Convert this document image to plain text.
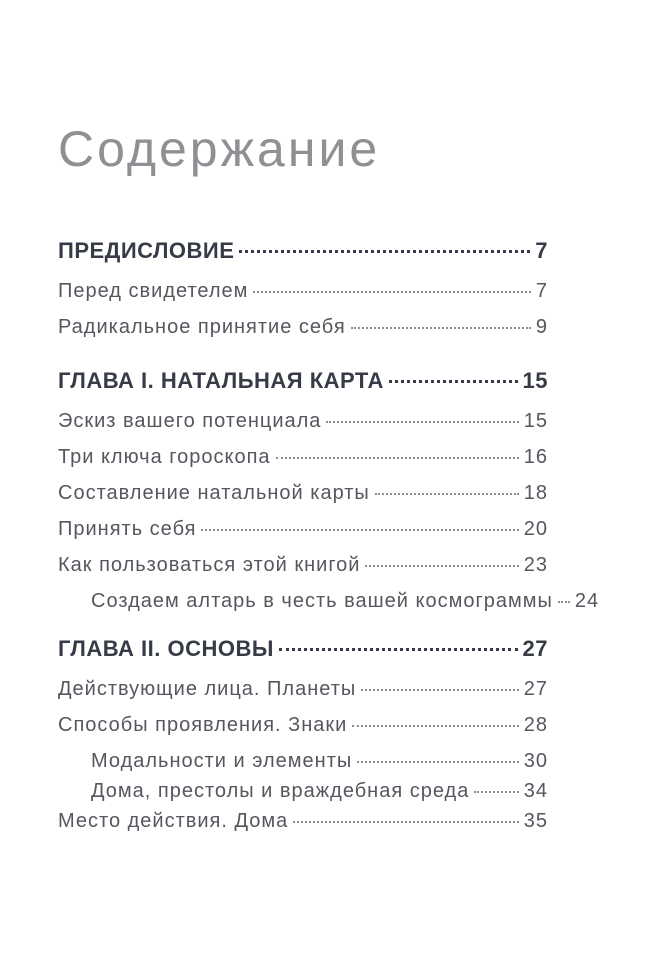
Содержание
ПРЕДИСЛОВИЕ	7
Перед свидетелем	7
Радикальное принятие себя	9
ГЛАВА I. НАТАЛЬНАЯ КАРТА	15
Эскиз вашего потенциала	15
Три ключа гороскопа	16
Составление натальной карты	18
Принять себя	20
Как пользоваться этой книгой	23
Создаем алтарь в честь вашей космограммы 24
ГЛАВА II. ОСНОВЫ	27
Действующие лица. Планеты	27
Способы проявления. Знаки	28
Модальности и элементы	30
Дома, престолы и враждебная среда	34
Место действия. Дома	35
